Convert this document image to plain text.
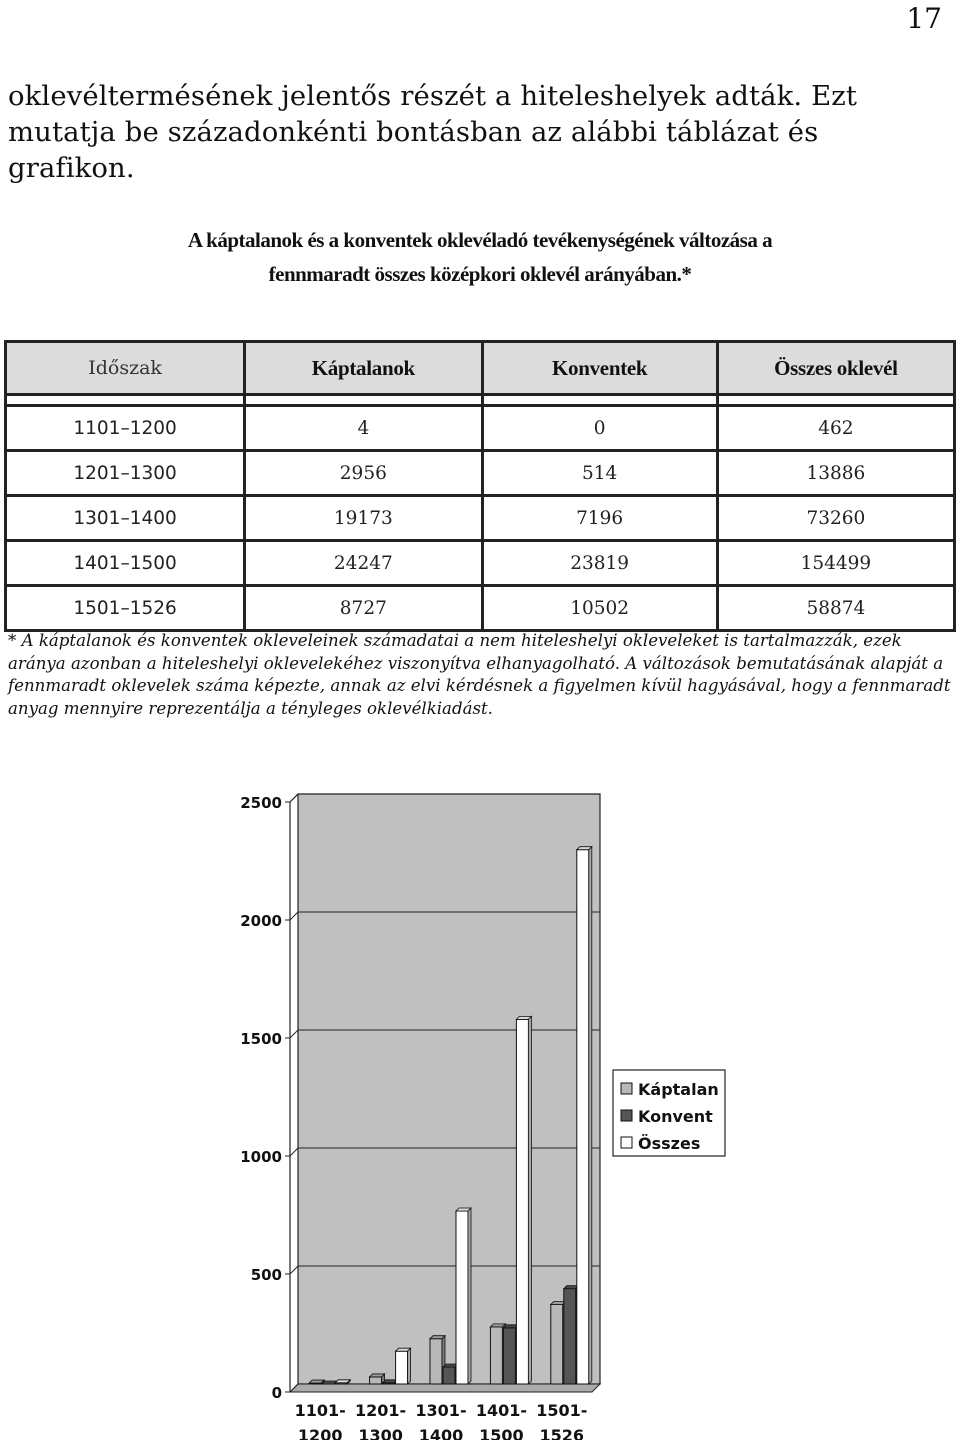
17
oklevéltermésének jelentős részét a hiteleshelyek adták. Ezt mutatja be századonkénti bontásban az alábbi táblázat és grafikon.
A káptalanok és a konventek oklevéladó tevékenységének változása a
fennmaradt összes középkori oklevél arányában.*
Időszak	Káptalanok	Konventek	Összes oklevél

1101–1200	4	0	462
1201–1300	2956	514	13886
1301–1400	19173	7196	73260
1401–1500	24247	23819	154499
1501–1526	8727	10502	58874
* A káptalanok és konventek okleveleinek számadatai a nem hiteleshelyi okleveleket is tartalmazzák, ezek aránya azonban a hiteleshelyi oklevelekéhez viszonyítva elhanyagolható. A változások bemutatásának alapját a fennmaradt oklevelek száma képezte, annak az elvi kérdésnek a figyelmen kívül hagyásával, hogy a fennmaradt anyag mennyire reprezentálja a tényleges oklevélkiadást.
0
500
1000
1500
2000
2500
1101-
1200
1201-
1300
1301-
1400
1401-
1500
1501-
1526
Káptalan
Konvent
Összes
